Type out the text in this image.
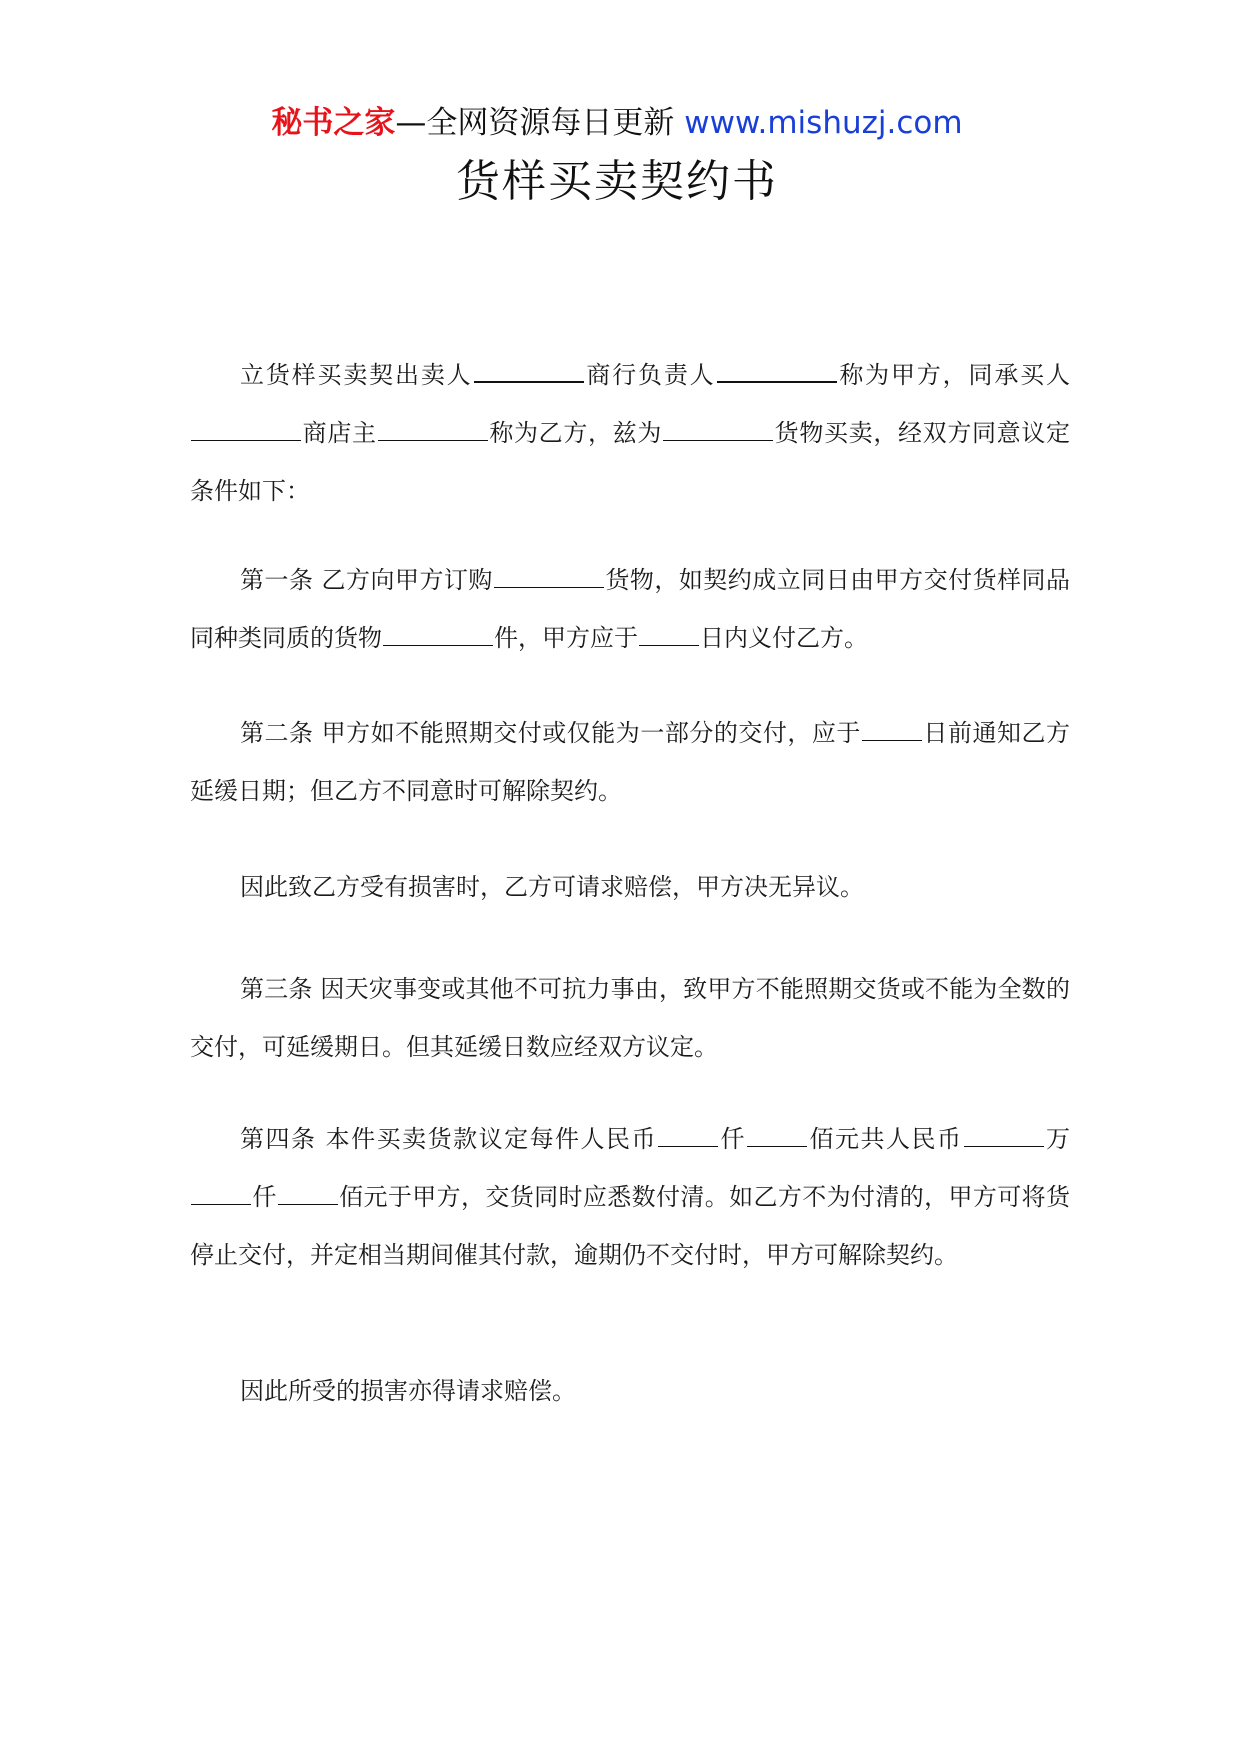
秘书之家—全网资源每日更新 www.mishuzj.com
货样买卖契约书

立货样买卖契出卖人	商行负责人	称为甲方，同承买人商店主	称为乙方，兹为	货物买卖，经双方同意议定条件如下：

第一条 乙方向甲方订购	货物，如契约成立同日由甲方交付货样同品同种类同质的货物	件，甲方应于	日内义付乙方。

第二条 甲方如不能照期交付或仅能为一部分的交付，应于	日前通知乙方延缓日期；但乙方不同意时可解除契约。

因此致乙方受有损害时，乙方可请求赔偿，甲方决无异议。

第三条 因天灾事变或其他不可抗力事由，致甲方不能照期交货或不能为全数的交付，可延缓期日。但其延缓日数应经双方议定。

第四条 本件买卖货款议定每件人民币	仟	佰元共人民币	万仟	佰元于甲方，交货同时应悉数付清。如乙方不为付清的，甲方可将货停止交付，并定相当期间催其付款，逾期仍不交付时，甲方可解除契约。

因此所受的损害亦得请求赔偿。
